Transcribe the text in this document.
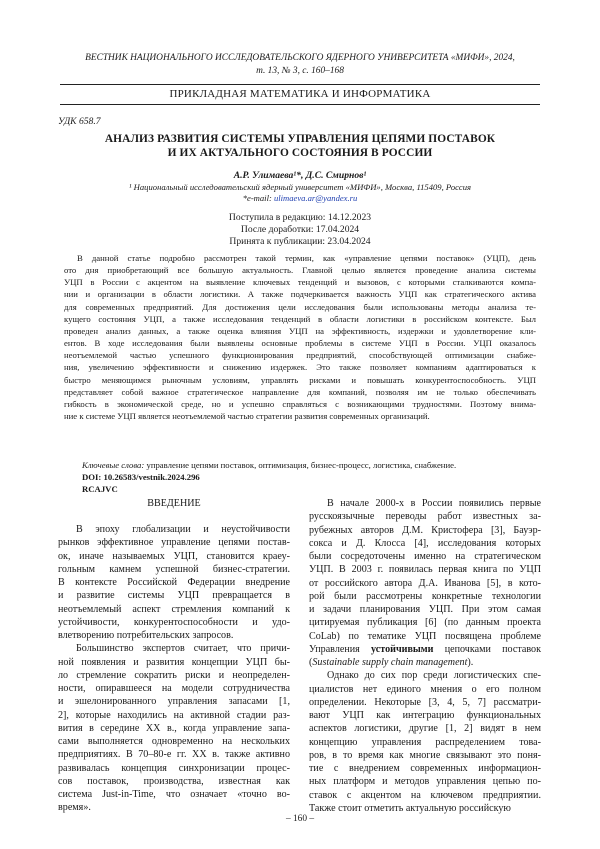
ВЕСТНИК НАЦИОНАЛЬНОГО ИССЛЕДОВАТЕЛЬСКОГО ЯДЕРНОГО УНИВЕРСИТЕТА «МИФИ», 2024,
т. 13, № 3, с. 160–168
ПРИКЛАДНАЯ МАТЕМАТИКА И ИНФОРМАТИКА
УДК 658.7
АНАЛИЗ РАЗВИТИЯ СИСТЕМЫ УПРАВЛЕНИЯ ЦЕПЯМИ ПОСТАВОК
И ИХ АКТУАЛЬНОГО СОСТОЯНИЯ В РОССИИ
А.Р. Улимаева¹*, Д.С. Смирнов¹
¹ Национальный исследовательский ядерный университет «МИФИ», Москва, 115409, Россия
*e-mail: ulimaeva.ar@yandex.ru
Поступила в редакцию: 14.12.2023
После доработки: 17.04.2024
Принята к публикации: 23.04.2024
В данной статье подробно рассмотрен такой термин, как «управление цепями поставок» (УЦП), день
ото дня приобретающий все большую актуальность. Главной целью является проведение анализа системы
УЦП в России с акцентом на выявление ключевых тенденций и вызовов, с которыми сталкиваются компа-
нии и организации в области логистики. А также подчеркивается важность УЦП как стратегического актива
для современных предприятий. Для достижения цели исследования были использованы методы анализа те-
кущего состояния УЦП, а также исследования тенденций в области логистики в российском контексте. Был
проведен анализ данных, а также оценка влияния УЦП на эффективность, издержки и удовлетворение кли-
ентов. В ходе исследования были выявлены основные проблемы в системе УЦП в России. УЦП оказалось
неотъемлемой частью успешного функционирования предприятий, способствующей оптимизации снабже-
ния, увеличению эффективности и снижению издержек. Это также позволяет компаниям адаптироваться к
быстро меняющимся рыночным условиям, управлять рисками и повышать конкурентоспособность. УЦП
представляет собой важное стратегическое направление для компаний, позволяя им не только обеспечивать
гибкость в экономической среде, но и успешно справляться с возникающими трудностями. Поэтому внима-
ние к системе УЦП является неотъемлемой частью стратегии развития современных организаций.
Ключевые слова: управление цепями поставок, оптимизация, бизнес-процесс, логистика, снабжение.
DOI: 10.26583/vestnik.2024.296
RCAJVC
ВВЕДЕНИЕ
В эпоху глобализации и неустойчивости
рынков эффективное управление цепями постав-
ок, иначе называемых УЦП, становится краеу-
гольным камнем успешной бизнес-стратегии.
В контексте Российской Федерации внедрение
и развитие системы УЦП превращается в
неотъемлемый аспект стремления компаний к
устойчивости, конкурентоспособности и удо-
влетворению потребительских запросов.
Большинство экспертов считает, что причи-
ной появления и развития концепции УЦП бы-
ло стремление сократить риски и неопределен-
ности, опиравшееся на модели сотрудничества
и эшелонированного управления запасами [1,
2], которые находились на активной стадии раз-
вития в середине XX в., когда управление запа-
сами выполняется одновременно на нескольких
предприятиях. В 70–80-е гг. XX в. также активно
развивалась концепция синхронизации процес-
сов поставок, производства, известная как
система Just-in-Time, что означает «точно во-
время».
В начале 2000-х в России появились первые
русскоязычные переводы работ известных за-
рубежных авторов Д.М. Кристофера [3], Бауэр-
сокса и Д. Клосса [4], исследования которых
были сосредоточены именно на стратегическом
УЦП. В 2003 г. появилась первая книга по УЦП
от российского автора Д.А. Иванова [5], в кото-
рой были рассмотрены конкретные технологии
и задачи планирования УЦП. При этом самая
цитируемая публикация [6] (по данным проекта
CoLab) по тематике УЦП посвящена проблеме
Управления устойчивыми цепочками поставок
(Sustainable supply chain management).
Однако до сих пор среди логистических спе-
циалистов нет единого мнения о его полном
определении. Некоторые [3, 4, 5, 7] рассматри-
вают УЦП как интеграцию функциональных
аспектов логистики, другие [1, 2] видят в нем
концепцию управления распределением това-
ров, в то время как многие связывают это поня-
тие с внедрением современных информацион-
ных платформ и методов управления цепью по-
ставок с акцентом на ключевом предприятии.
Также стоит отметить актуальную российскую
– 160 –
